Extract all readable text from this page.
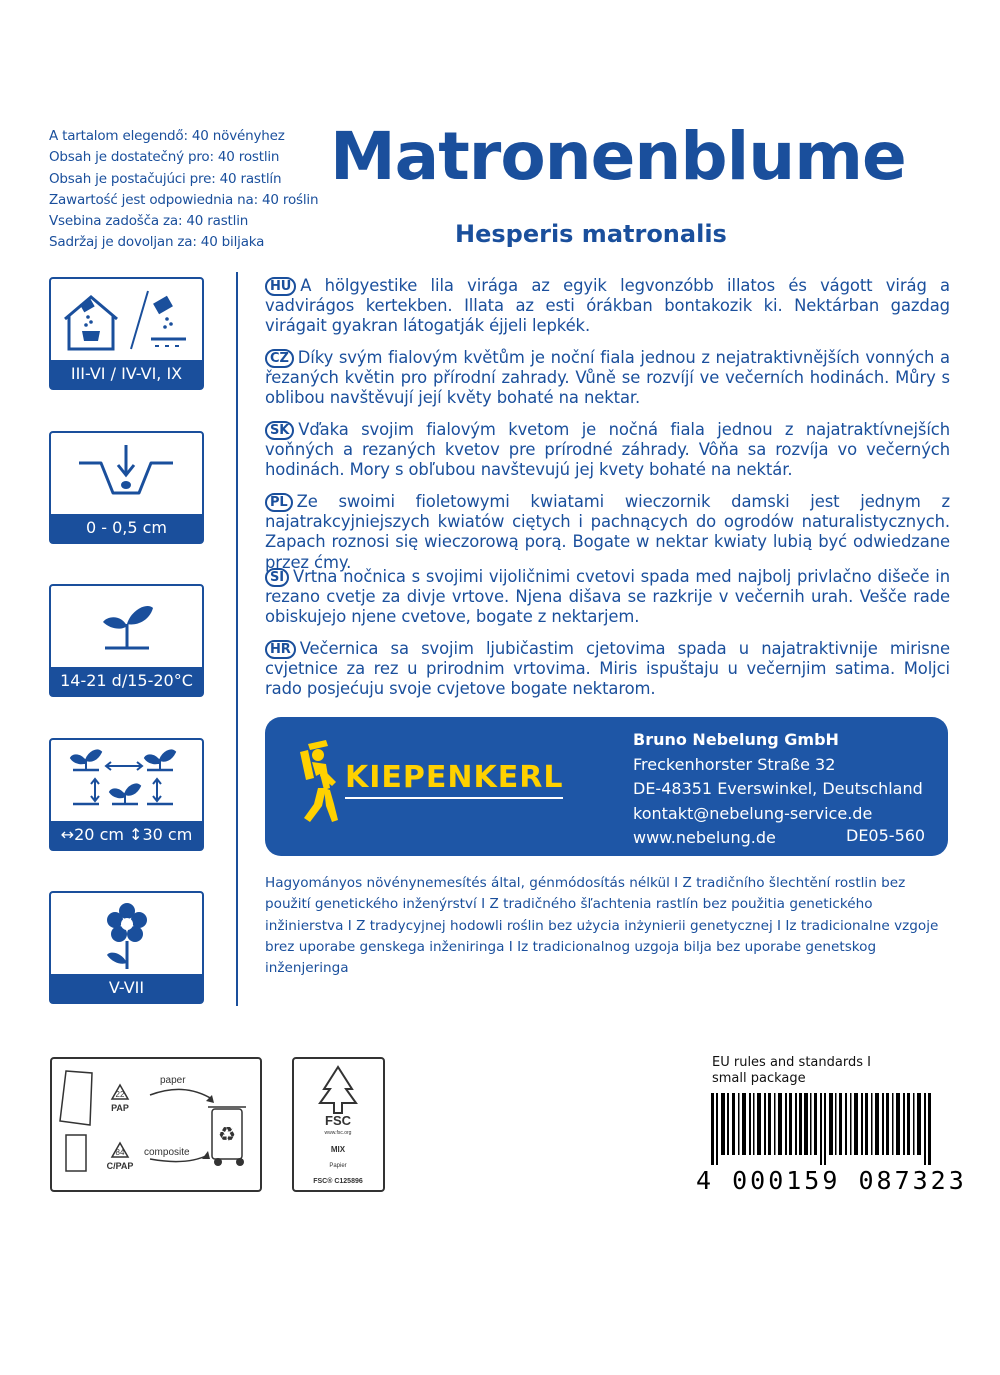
A tartalom elegendő: 40 növényhez
Obsah je dostatečný pro: 40 rostlin
Obsah je postačujúci pre: 40 rastlín
Zawartość jest odpowiednia na: 40 roślin
Vsebina zadošča za: 40 rastlin
Sadržaj je dovoljan za: 40 biljaka
Matronenblume
Hesperis matronalis
III-VI / IV-VI, IX
0 - 0,5 cm
14-21 d/15-20°C
↔20 cm ↕30 cm
V-VII
HU A hölgyestike lila virága az egyik legvonzóbb illatos és vágott virág a vadvirágos kertekben. Illata az esti órákban bontakozik ki. Nektárban gazdag virágait gyakran látogatják éjjeli lepkék.
CZ Díky svým fialovým květům je noční fiala jednou z nejatraktivnějších vonných a řezaných květin pro přírodní zahrady. Vůně se rozvíjí ve večerních hodinách. Můry s oblibou navštěvují její květy bohaté na nektar.
SK Vďaka svojim fialovým kvetom je nočná fiala jednou z najatraktívnejších voňných a rezaných kvetov pre prírodné záhrady. Vôňa sa rozvíja vo večerných hodinách. Mory s obľubou navštevujú jej kvety bohaté na nektár.
PL Ze swoimi fioletowymi kwiatami wieczornik damski jest jednym z najatrakcyjniejszych kwiatów ciętych i pachnących do ogrodów naturalistycznych. Zapach roznosi się wieczorową porą. Bogate w nektar kwiaty lubią być odwiedzane przez ćmy.
SI Vrtna nočnica s svojimi vijoličnimi cvetovi spada med najbolj privlačno dišeče in rezano cvetje za divje vrtove. Njena dišava se razkrije v večernih urah. Vešče rade obiskujejo njene cvetove, bogate z nektarjem.
HR Večernica sa svojim ljubičastim cjetovima spada u najatraktivnije mirisne cvjetnice za rez u prirodnim vrtovima. Miris ispuštaju u večernjim satima. Moljci rado posjećuju svoje cvjetove bogate nektarom.
KIEPENKERL
Bruno Nebelung GmbH
Freckenhorster Straße 32
DE-48351 Everswinkel, Deutschland
kontakt@nebelung-service.de
www.nebelung.de	DE05-560
Hagyományos növénynemesítés által, génmódosítás nélkül I Z tradičního šlechtění rostlin bez použití genetického inženýrství I Z tradičného šľachtenia rastlín bez použitia genetického inžinierstva I Z tradycyjnej hodowli roślin bez użycia inżynierii genetycznej I Iz tradicionalne vzgoje brez uporabe genskega inženiringa I Iz tradicionalnog uzgoja bilja bez uporabe genetskog inženjeringa
22
PAP
84
C/PAP
paper
composite
♻
FSC
www.fsc.org
MIX
Papier
FSC® C125896
EU rules and standards I small package
4 000159 087323
